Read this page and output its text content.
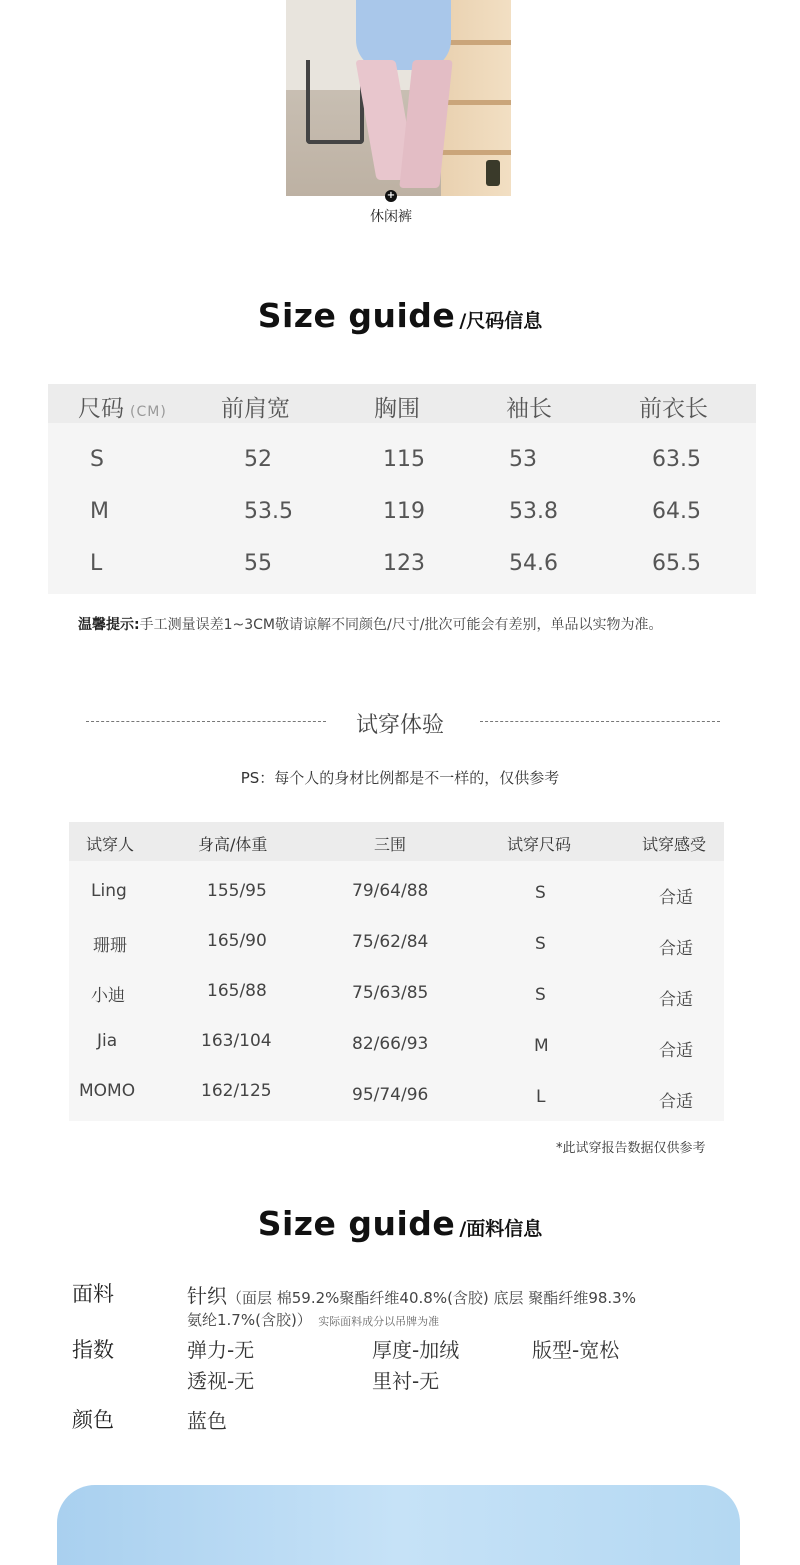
+
休闲裤
Size guide /尺码信息
尺码 (CM) 前肩宽	胸围	袖长	前衣长
S	52	115	53	63.5
M	53.5	119	53.8	64.5
L	55	123	54.6	65.5
温馨提示:手工测量误差1~3CM敬请谅解不同颜色/尺寸/批次可能会有差别，单品以实物为准。
试穿体验
PS：每个人的身材比例都是不一样的，仅供参考
试穿人	身高/体重	三围	试穿尺码	试穿感受
Ling	155/95	79/64/88	S	合适
珊珊	165/90	75/62/84	S	合适
小迪	165/88	75/63/85	S	合适
Jia	163/104	82/66/93	M	合适
MOMO	162/125	95/74/96	L	合适
*此试穿报告数据仅供参考
Size guide /面料信息
面料	针织（面层 棉59.2%聚酯纤维40.8%(含胶) 底层 聚酯纤维98.3%
氨纶1.7%(含胶)） 实际面料成分以吊牌为准
指数	弹力-无	厚度-加绒	版型-宽松
透视-无	里衬-无
颜色	蓝色
